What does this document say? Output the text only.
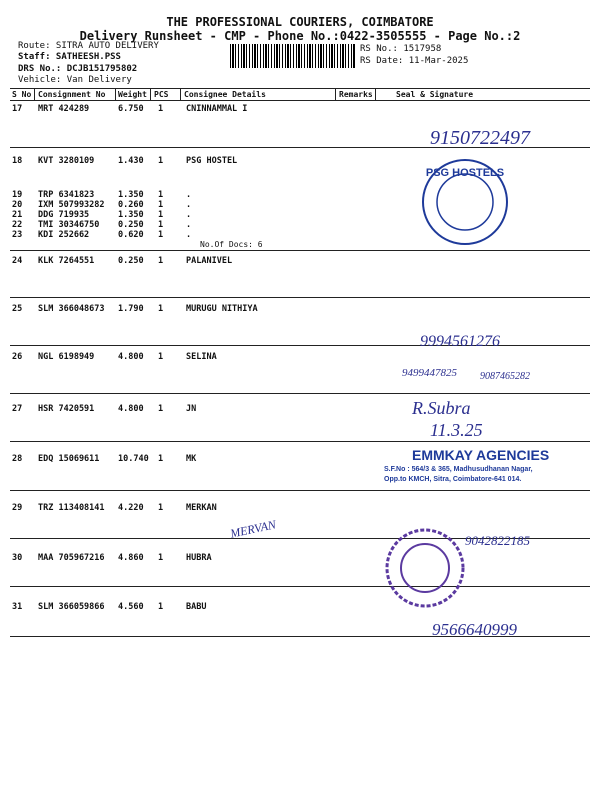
THE PROFESSIONAL COURIERS, COIMBATORE
Delivery Runsheet - CMP - Phone No.:0422-3505555 - Page No.:2
Route: SITRA AUTO DELIVERY
Staff: SATHEESH.PSS
DRS No.: DCJB151795802
Vehicle: Van Delivery
RS No.: 1517958
RS Date: 11-Mar-2025
S No Consignment No Weight PCS Consignee Details	Remarks	Seal & Signature
17 MRT 424289	6.750 1	CNINNAMMAL I
18 KVT 3280109	1.430 1	PSG HOSTEL
19 TRP 6341823	1.350 1	.
20 IXM 507993282 0.260 1	.
21 DDG 719935	1.350 1	.
22 TMI 30346750 0.250 1	.
23 KDI 252662	0.620 1	.
24 KLK 7264551	0.250 1	PALANIVEL
25 SLM 366048673 1.790 1	MURUGU NITHIYA
26 NGL 6198949	4.800 1	SELINA
27 HSR 7420591	4.800 1	JN
28 EDQ 15069611 10.740 1	MK
29 TRZ 113408141 4.220 1	MERKAN
30 MAA 705967216 4.860 1	HUBRA
31 SLM 366059866 4.560 1	BABU
No.Of Docs: 6
PSG HOSTELS
EMMKAY AGENCIES
S.F.No : 564/3 & 365, Madhusudhanan Nagar,
Opp.to KMCH, Sitra, Coimbatore-641 014.
9150722497
9994561276
9499447825 9087465282
R.Subra
11.3.25
9042822185
9566640999
MERVAN
